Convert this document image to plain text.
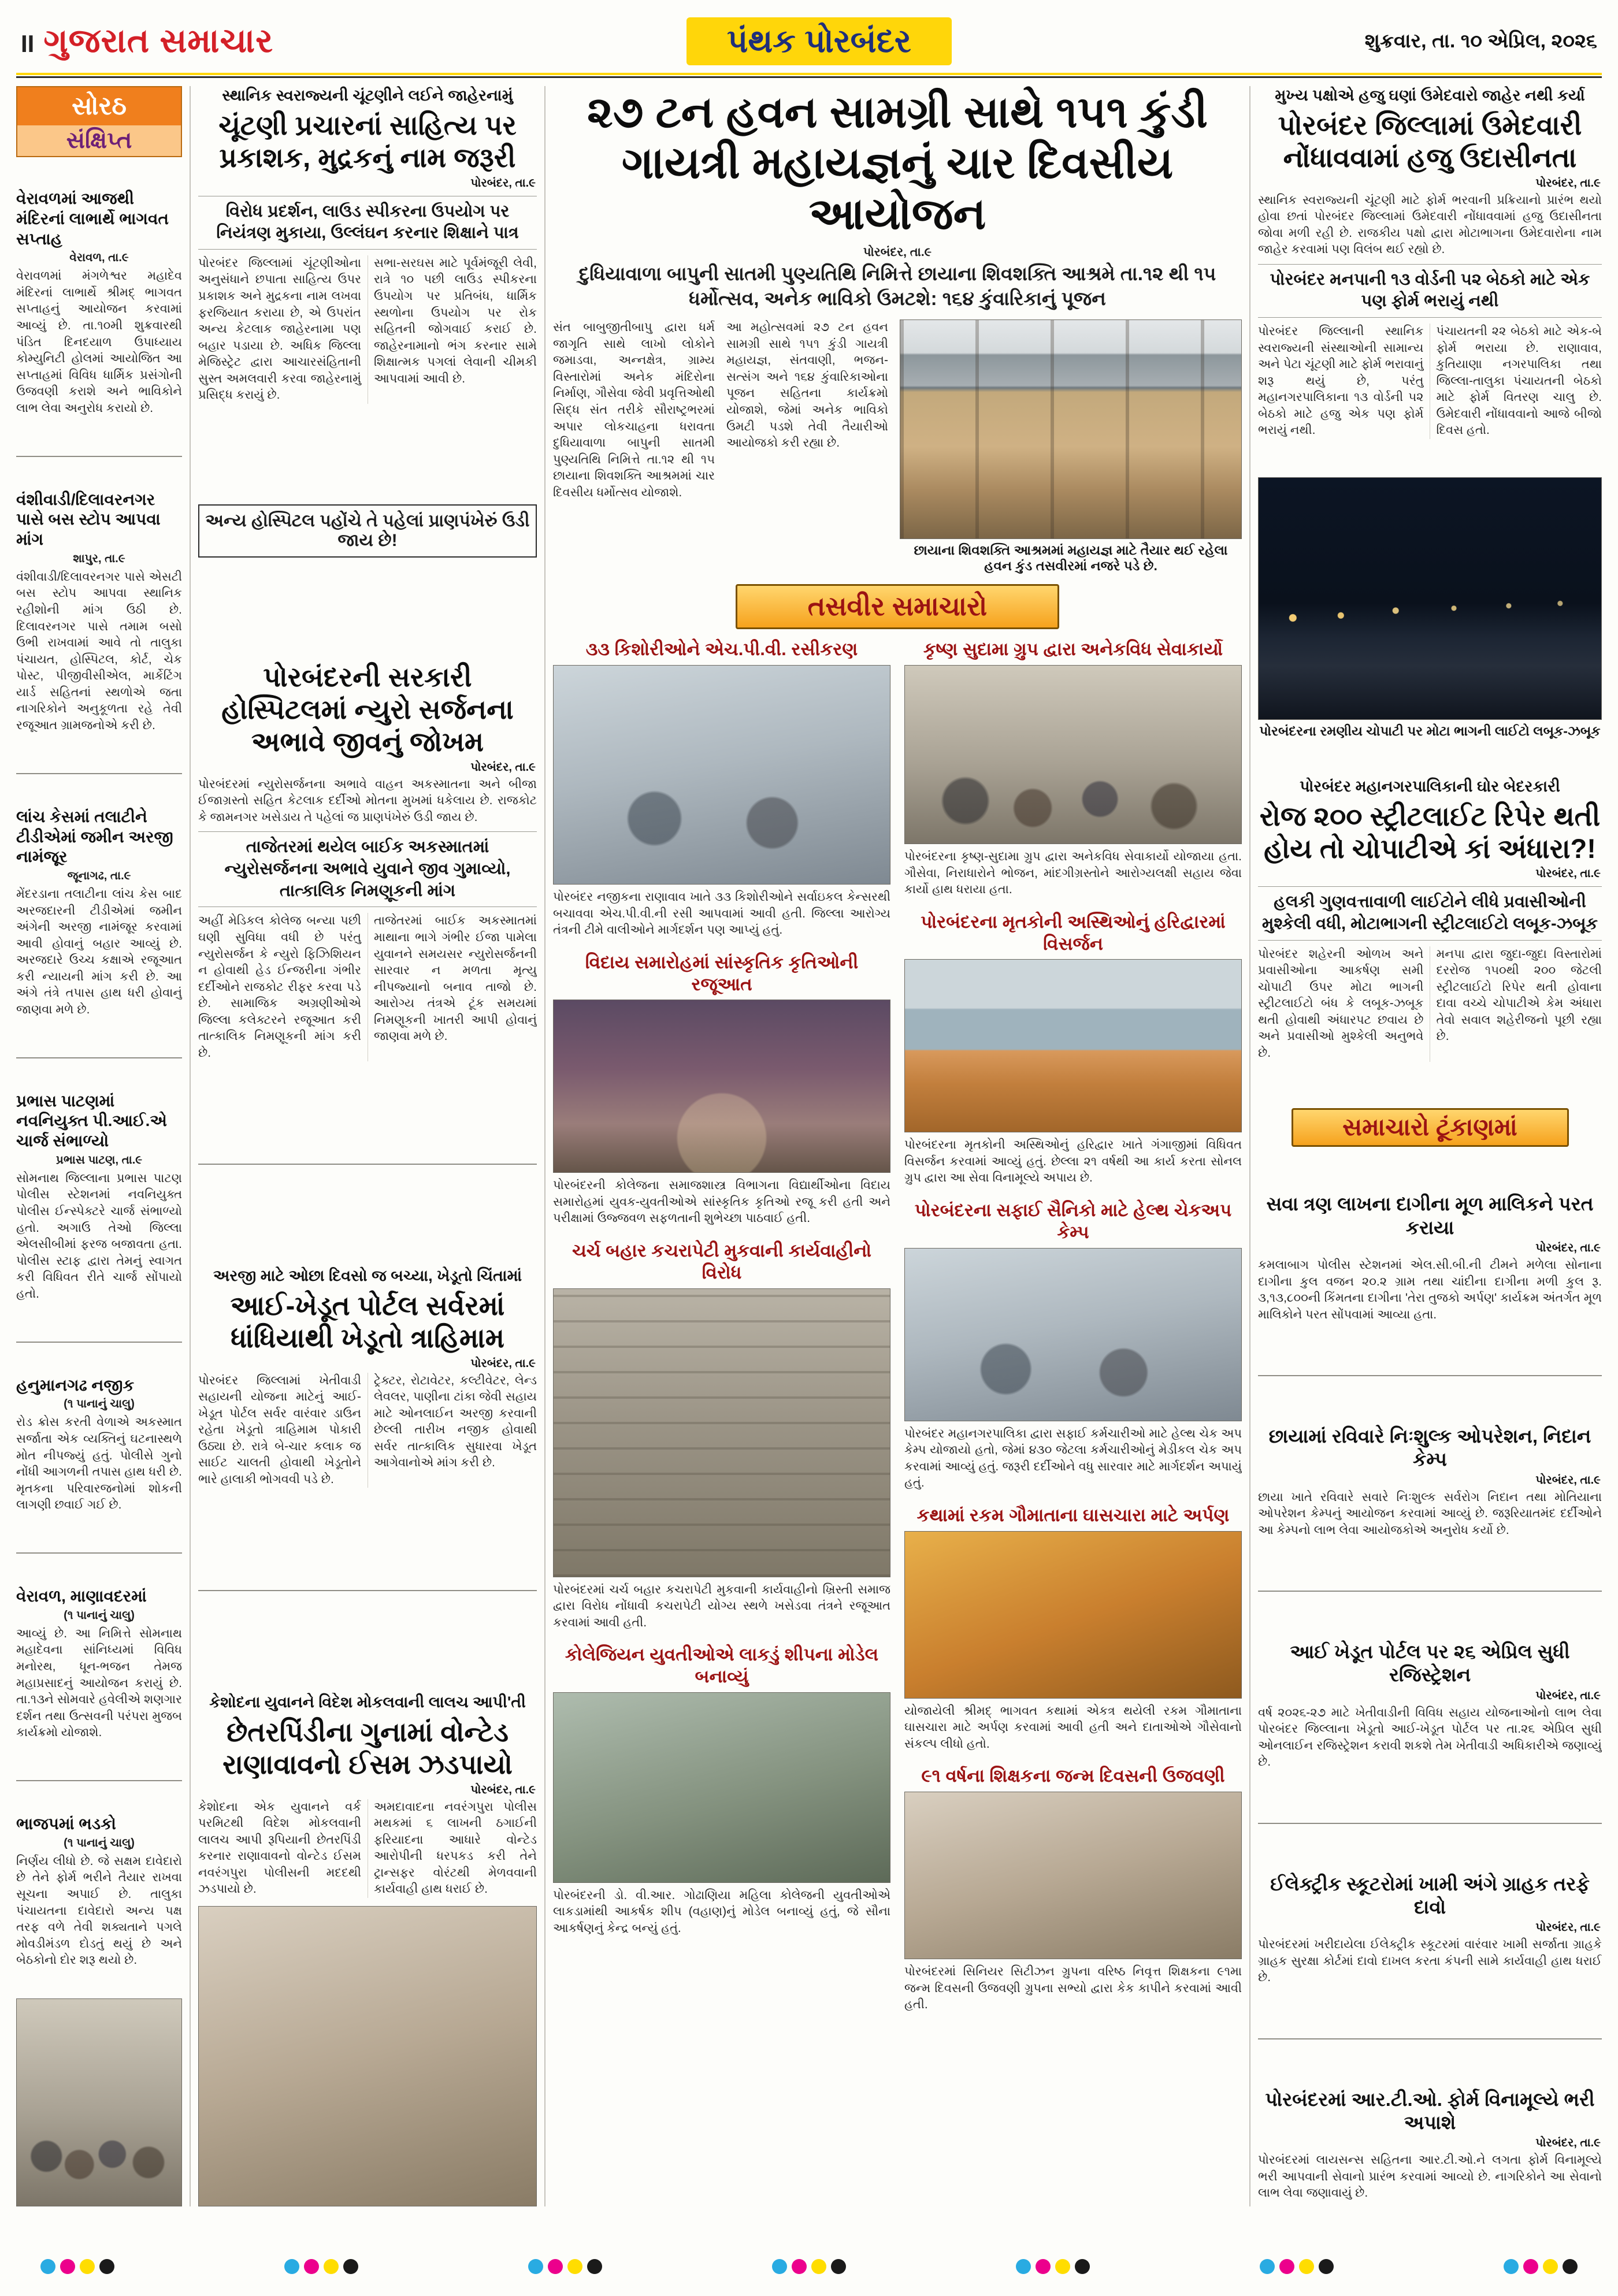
II ગુજરાત સમાચાર	પંથક પોરબંદર	શુક્રવાર, તા. ૧૦ એપ્રિલ, ૨૦૨૬
સોરઠ
સંક્ષિપ્ત
વેરાવળમાં આજથી મંદિરનાં લાભાર્થે ભાગવત સપ્તાહ
વેરાવળ, તા.૯

વેરાવળમાં મંગળેશ્વર મહાદેવ મંદિરનાં લાભાર્થે શ્રીમદ્ ભાગવત સપ્તાહનું આયોજન કરવામાં આવ્યું છે. તા.૧૦મી શુક્રવારથી પંડિત દિનદયાળ ઉપાધ્યાય કોમ્યુનિટી હોલમાં આયોજિત આ સપ્તાહમાં વિવિધ ધાર્મિક પ્રસંગોની ઉજવણી કરાશે અને ભાવિકોને લાભ લેવા અનુરોધ કરાયો છે.

વંશીવાડી/દિલાવરનગર પાસે બસ સ્ટોપ આપવા માંગ
શાપુર, તા.૯

વંશીવાડી/દિલાવરનગર પાસે એસટી બસ સ્ટોપ આપવા સ્થાનિક રહીશોની માંગ ઉઠી છે. દિલાવરનગર પાસે તમામ બસો ઉભી રાખવામાં આવે તો તાલુકા પંચાયત, હોસ્પિટલ, કોર્ટ, ચેક પોસ્ટ, પીજીવીસીએલ, માર્કેટિંગ યાર્ડ સહિતનાં સ્થળોએ જતા નાગરિકોને અનુકૂળતા રહે તેવી રજૂઆત ગ્રામજનોએ કરી છે.

લાંચ કેસમાં તલાટીને ટીડીએમાં જમીન અરજી નામંજૂર
જૂનાગઢ, તા.૯

મેંદરડાના તલાટીના લાંચ કેસ બાદ અરજદારની ટીડીએમાં જમીન અંગેની અરજી નામંજૂર કરવામાં આવી હોવાનું બહાર આવ્યું છે. અરજદારે ઉચ્ચ કક્ષાએ રજૂઆત કરી ન્યાયની માંગ કરી છે. આ અંગે તંત્રે તપાસ હાથ ધરી હોવાનું જાણવા મળે છે.

પ્રભાસ પાટણમાં નવનિયુક્ત પી.આઈ.એ ચાર્જ સંભાળ્યો
પ્રભાસ પાટણ, તા.૯

સોમનાથ જિલ્લાના પ્રભાસ પાટણ પોલીસ સ્ટેશનમાં નવનિયુક્ત પોલીસ ઈન્સ્પેક્ટરે ચાર્જ સંભાળ્યો હતો. અગાઉ તેઓ જિલ્લા એલસીબીમાં ફરજ બજાવતા હતા. પોલીસ સ્ટાફ દ્વારા તેમનું સ્વાગત કરી વિધિવત રીતે ચાર્જ સોંપાયો હતો.

હનુમાનગઢ નજીક
(૧ પાનાનું ચાલુ)

રોડ ક્રોસ કરતી વેળાએ અકસ્માત સર્જાતા એક વ્યક્તિનું ઘટનાસ્થળે મોત નીપજ્યું હતું. પોલીસે ગુનો નોંધી આગળની તપાસ હાથ ધરી છે. મૃતકના પરિવારજનોમાં શોકની લાગણી છવાઈ ગઈ છે.

વેરાવળ, માણાવદરમાં
(૧ પાનાનું ચાલુ)

આવ્યું છે. આ નિમિત્તે સોમનાથ મહાદેવના સાંનિધ્યમાં વિવિધ મનોરથ, ધૂન-ભજન તેમજ મહાપ્રસાદનું આયોજન કરાયું છે. તા.૧૩ને સોમવારે હવેલીએ શણગાર દર્શન તથા ઉત્સવની પરંપરા મુજબ કાર્યક્રમો યોજાશે.

ભાજપમાં ભડકો
(૧ પાનાનું ચાલુ)

નિર્ણય લીધો છે. જે સક્ષમ દાવેદારો છે તેને ફોર્મ ભરીને તૈયાર રાખવા સૂચના અપાઈ છે. તાલુકા પંચાયતના દાવેદારો અન્ય પક્ષ તરફ વળે તેવી શક્યતાને પગલે મોવડીમંડળ દોડતું થયું છે અને બેઠકોનો દોર શરૂ થયો છે.

સ્થાનિક સ્વરાજ્યની ચૂંટણીને લઈને જાહેરનામું
ચૂંટણી પ્રચારનાં સાહિત્ય પર પ્રકાશક, મુદ્રકનું નામ જરૂરી
પોરબંદર, તા.૯
વિરોધ પ્રદર્શન, લાઉડ સ્પીકરના ઉપયોગ પર નિયંત્રણ મુકાયા, ઉલ્લંઘન કરનાર શિક્ષાને પાત્ર

પોરબંદર જિલ્લામાં ચૂંટણીઓના અનુસંધાને છપાતા સાહિત્ય ઉપર પ્રકાશક અને મુદ્રકના નામ લખવા ફરજિયાત કરાયા છે, એ ઉપરાંત અન્ય કેટલાક જાહેરનામા પણ બહાર પડાયા છે. અધિક જિલ્લા મેજિસ્ટ્રેટ દ્વારા આચારસંહિતાની સુસ્ત અમલવારી કરવા જાહેરનામું પ્રસિદ્ધ કરાયું છે.

સભા-સરઘસ માટે પૂર્વમંજૂરી લેવી, રાત્રે ૧૦ પછી લાઉડ સ્પીકરના ઉપયોગ પર પ્રતિબંધ, ધાર્મિક સ્થળોના ઉપયોગ પર રોક સહિતની જોગવાઈ કરાઈ છે. જાહેરનામાનો ભંગ કરનાર સામે શિક્ષાત્મક પગલાં લેવાની ચીમકી આપવામાં આવી છે.

અન્ય હોસ્પિટલ પહોંચે તે પહેલાં પ્રાણપંખેરું ઉડી જાય છે!
પોરબંદરની સરકારી હોસ્પિટલમાં ન્યુરો સર્જનના અભાવે જીવનું જોખમ
પોરબંદર, તા.૯

પોરબંદરમાં ન્યુરોસર્જનના અભાવે વાહન અકસ્માતના અને બીજા ઈજાગ્રસ્તો સહિત કેટલાક દર્દીઓ મોતના મુખમાં ધકેલાય છે. રાજકોટ કે જામનગર ખસેડાય તે પહેલાં જ પ્રાણપંખેરું ઉડી જાય છે.

તાજેતરમાં થયેલ બાઈક અકસ્માતમાં ન્યુરોસર્જનના અભાવે યુવાને જીવ ગુમાવ્યો, તાત્કાલિક નિમણૂકની માંગ

અહીં મેડિકલ કોલેજ બન્યા પછી ઘણી સુવિધા વધી છે પરંતુ ન્યુરોસર્જન કે ન્યુરો ફિઝિશિયન ન હોવાથી હેડ ઈન્જરીના ગંભીર દર્દીઓને રાજકોટ રીફર કરવા પડે છે. સામાજિક અગ્રણીઓએ જિલ્લા કલેક્ટરને રજૂઆત કરી તાત્કાલિક નિમણૂકની માંગ કરી છે.

તાજેતરમાં બાઈક અકસ્માતમાં માથાના ભાગે ગંભીર ઈજા પામેલા યુવાનને સમયસર ન્યુરોસર્જનની સારવાર ન મળતા મૃત્યુ નીપજ્યાનો બનાવ તાજો છે. આરોગ્ય તંત્રએ ટૂંક સમયમાં નિમણૂકની ખાતરી આપી હોવાનું જાણવા મળે છે.

અરજી માટે ઓછા દિવસો જ બચ્યા, ખેડૂતો ચિંતામાં
આઈ-ખેડૂત પોર્ટલ સર્વરમાં ધાંધિયાથી ખેડૂતો ત્રાહિમામ
પોરબંદર, તા.૯

પોરબંદર જિલ્લામાં ખેતીવાડી સહાયની યોજના માટેનું આઈ-ખેડૂત પોર્ટલ સર્વર વારંવાર ડાઉન રહેતા ખેડૂતો ત્રાહિમામ પોકારી ઉઠ્યા છે. રાત્રે બે-ચાર કલાક જ સાઈટ ચાલતી હોવાથી ખેડૂતોને ભારે હાલાકી ભોગવવી પડે છે.

ટ્રેક્ટર, રોટાવેટર, કલ્ટીવેટર, લેન્ડ લેવલર, પાણીના ટાંકા જેવી સહાય માટે ઓનલાઈન અરજી કરવાની છેલ્લી તારીખ નજીક હોવાથી સર્વર તાત્કાલિક સુધારવા ખેડૂત આગેવાનોએ માંગ કરી છે.

કેશોદના યુવાનને વિદેશ મોકલવાની લાલચ આપી'તી
છેતરપિંડીના ગુનામાં વોન્ટેડ રાણાવાવનો ઈસમ ઝડપાયો
પોરબંદર, તા.૯

કેશોદના એક યુવાનને વર્ક પરમિટથી વિદેશ મોકલવાની લાલચ આપી રૂપિયાની છેતરપિંડી કરનાર રાણાવાવનો વોન્ટેડ ઈસમ નવરંગપુરા પોલીસની મદદથી ઝડપાયો છે.

અમદાવાદના નવરંગપુરા પોલીસ મથકમાં ૬ લાખની ઠગાઈની ફરિયાદના આધારે વોન્ટેડ આરોપીની ધરપકડ કરી તેને ટ્રાન્સફર વોરંટથી મેળવવાની કાર્યવાહી હાથ ધરાઈ છે.

૨૭ ટન હવન સામગ્રી સાથે ૧૫૧ કુંડી ગાયત્રી મહાયજ્ઞનું ચાર દિવસીય આયોજન
પોરબંદર, તા.૯
દુધિયાવાળા બાપુની સાતમી પુણ્યતિથિ નિમિત્તે છાયાના શિવશક્તિ આશ્રમે તા.૧૨ થી ૧૫ ધર્મોત્સવ, અનેક ભાવિકો ઉમટશે: ૧૬૪ કુંવારિકાનું પૂજન

સંત બાબુજીતીબાપુ દ્વારા ધર્મ જાગૃતિ સાથે લાખો લોકોને જમાડવા, અન્નક્ષેત્ર, ગ્રામ્ય વિસ્તારોમાં અનેક મંદિરોના નિર્માણ, ગૌસેવા જેવી પ્રવૃત્તિઓથી સિદ્ધ સંત તરીકે સૌરાષ્ટ્રભરમાં અપાર લોકચાહના ધરાવતા દુધિયાવાળા બાપુની સાતમી પુણ્યતિથિ નિમિત્તે તા.૧૨ થી ૧૫ છાયાના શિવશક્તિ આશ્રમમાં ચાર દિવસીય ધર્મોત્સવ યોજાશે.

આ મહોત્સવમાં ૨૭ ટન હવન સામગ્રી સાથે ૧૫૧ કુંડી ગાયત્રી મહાયજ્ઞ, સંતવાણી, ભજન-સત્સંગ અને ૧૬૪ કુંવારિકાઓના પૂજન સહિતના કાર્યક્રમો યોજાશે, જેમાં અનેક ભાવિકો ઉમટી પડશે તેવી તૈયારીઓ આયોજકો કરી રહ્યા છે.

છાયાના શિવશક્તિ આશ્રમમાં મહાયજ્ઞ માટે તૈયાર થઈ રહેલા હવન કુંડ તસવીરમાં નજરે પડે છે.
તસવીર સમાચારો
૩૩ કિશોરીઓને એચ.પી.વી. રસીકરણ

પોરબંદર નજીકના રાણાવાવ ખાતે ૩૩ કિશોરીઓને સર્વાઇકલ કેન્સરથી બચાવવા એચ.પી.વી.ની રસી આપવામાં આવી હતી. જિલ્લા આરોગ્ય તંત્રની ટીમે વાલીઓને માર્ગદર્શન પણ આપ્યું હતું.

વિદાય સમારોહમાં સાંસ્કૃતિક કૃતિઓની રજૂઆત

પોરબંદરની કોલેજના સમાજશાસ્ત્ર વિભાગના વિદ્યાર્થીઓના વિદાય સમારોહમાં યુવક-યુવતીઓએ સાંસ્કૃતિક કૃતિઓ રજૂ કરી હતી અને પરીક્ષામાં ઉજ્જવળ સફળતાની શુભેચ્છા પાઠવાઈ હતી.

ચર્ચ બહાર કચરાપેટી મુકવાની કાર્યવાહીનો વિરોધ

પોરબંદરમાં ચર્ચ બહાર કચરાપેટી મુકવાની કાર્યવાહીનો ખ્રિસ્તી સમાજ દ્વારા વિરોધ નોંધાવી કચરાપેટી યોગ્ય સ્થળે ખસેડવા તંત્રને રજૂઆત કરવામાં આવી હતી.

કોલેજિયન યુવતીઓએ લાકડું શીપના મોડેલ બનાવ્યું

પોરબંદરની ડો. વી.આર. ગોઢાણિયા મહિલા કોલેજની યુવતીઓએ લાકડામાંથી આકર્ષક શીપ (વહાણ)નું મોડેલ બનાવ્યું હતું, જે સૌના આકર્ષણનું કેન્દ્ર બન્યું હતું.

કૃષ્ણ સુદામા ગ્રુપ દ્વારા અનેકવિધ સેવાકાર્યો

પોરબંદરના કૃષ્ણ-સુદામા ગ્રુપ દ્વારા અનેકવિધ સેવાકાર્યો યોજાયા હતા. ગૌસેવા, નિરાધારોને ભોજન, માંદગીગ્રસ્તોને આરોગ્યલક્ષી સહાય જેવા કાર્યો હાથ ધરાયા હતા.

પોરબંદરના મૃતકોની અસ્થિઓનું હરિદ્વારમાં વિસર્જન

પોરબંદરના મૃતકોની અસ્થિઓનું હરિદ્વાર ખાતે ગંગાજીમાં વિધિવત વિસર્જન કરવામાં આવ્યું હતું. છેલ્લા ૨૧ વર્ષથી આ કાર્ય કરતા સોનલ ગ્રુપ દ્વારા આ સેવા વિનામૂલ્યે અપાય છે.

પોરબંદરના સફાઈ સૈનિકો માટે હેલ્થ ચેકઅપ કેમ્પ

પોરબંદર મહાનગરપાલિકા દ્વારા સફાઈ કર્મચારીઓ માટે હેલ્થ ચેક અપ કેમ્પ યોજાયો હતો, જેમાં ૪૩૦ જેટલા કર્મચારીઓનું મેડીકલ ચેક અપ કરવામાં આવ્યું હતું. જરૂરી દર્દીઓને વધુ સારવાર માટે માર્ગદર્શન અપાયું હતું.

કથામાં રકમ ગૌમાતાના ઘાસચારા માટે અર્પણ

યોજાયેલી શ્રીમદ્ ભાગવત કથામાં એકત્ર થયેલી રકમ ગૌમાતાના ઘાસચારા માટે અર્પણ કરવામાં આવી હતી અને દાતાઓએ ગૌસેવાનો સંકલ્પ લીધો હતો.

૯૧ વર્ષના શિક્ષકના જન્મ દિવસની ઉજવણી

પોરબંદરમાં સિનિયર સિટીઝન ગ્રુપના વરિષ્ઠ નિવૃત્ત શિક્ષકના ૯૧મા જન્મ દિવસની ઉજવણી ગ્રુપના સભ્યો દ્વારા કેક કાપીને કરવામાં આવી હતી.

મુખ્ય પક્ષોએ હજુ ઘણાં ઉમેદવારો જાહેર નથી કર્યા
પોરબંદર જિલ્લામાં ઉમેદવારી નોંધાવવામાં હજુ ઉદાસીનતા
પોરબંદર, તા.૯

સ્થાનિક સ્વરાજ્યની ચૂંટણી માટે ફોર્મ ભરવાની પ્રક્રિયાનો પ્રારંભ થયો હોવા છતાં પોરબંદર જિલ્લામાં ઉમેદવારી નોંધાવવામાં હજુ ઉદાસીનતા જોવા મળી રહી છે. રાજકીય પક્ષો દ્વારા મોટાભાગના ઉમેદવારોના નામ જાહેર કરવામાં પણ વિલંબ થઈ રહ્યો છે.

પોરબંદર મનપાની ૧૩ વોર્ડની ૫૨ બેઠકો માટે એક પણ ફોર્મ ભરાયું નથી

પોરબંદર જિલ્લાની સ્થાનિક સ્વરાજ્યની સંસ્થાઓની સામાન્ય અને પેટા ચૂંટણી માટે ફોર્મ ભરાવાનું શરૂ થયું છે, પરંતુ મહાનગરપાલિકાના ૧૩ વોર્ડની ૫૨ બેઠકો માટે હજુ એક પણ ફોર્મ ભરાયું નથી.

પંચાયતની ૨૨ બેઠકો માટે એક-બે ફોર્મ ભરાયા છે. રાણાવાવ, કુતિયાણા નગરપાલિકા તથા જિલ્લા-તાલુકા પંચાયતની બેઠકો માટે ફોર્મ વિતરણ ચાલુ છે. ઉમેદવારી નોંધાવવાનો આજે બીજો દિવસ હતો.

પોરબંદરના રમણીય ચોપાટી પર મોટા ભાગની લાઈટો લબૂક-ઝબૂક
પોરબંદર મહાનગરપાલિકાની ઘોર બેદરકારી
રોજ ૨૦૦ સ્ટ્રીટલાઈટ રિપેર થતી હોય તો ચોપાટીએ કાં અંધારા?!
પોરબંદર, તા.૯
હલકી ગુણવત્તાવાળી લાઈટોને લીધે પ્રવાસીઓની મુશ્કેલી વધી, મોટાભાગની સ્ટ્રીટલાઈટો લબૂક-ઝબૂક

પોરબંદર શહેરની ઓળખ અને પ્રવાસીઓના આકર્ષણ સમી ચોપાટી ઉપર મોટા ભાગની સ્ટ્રીટલાઈટો બંધ કે લબૂક-ઝબૂક થતી હોવાથી અંધારપટ છવાય છે અને પ્રવાસીઓ મુશ્કેલી અનુભવે છે.

મનપા દ્વારા જુદા-જુદા વિસ્તારોમાં દરરોજ ૧૫૦થી ૨૦૦ જેટલી સ્ટ્રીટલાઈટો રિપેર થતી હોવાના દાવા વચ્ચે ચોપાટીએ કેમ અંધારા તેવો સવાલ શહેરીજનો પૂછી રહ્યા છે.

સમાચારો ટૂંકાણમાં
સવા ત્રણ લાખના દાગીના મૂળ માલિકને પરત કરાયા
પોરબંદર, તા.૯

કમલાબાગ પોલીસ સ્ટેશનમાં એલ.સી.બી.ની ટીમને મળેલા સોનાના દાગીના કુલ વજન ૨૦.૨ ગ્રામ તથા ચાંદીના દાગીના મળી કુલ રૂ. ૩,૧૩,૮૦૦ની કિંમતના દાગીના 'તેરા તુજકો અર્પણ' કાર્યક્રમ અંતર્ગત મૂળ માલિકોને પરત સોંપવામાં આવ્યા હતા.

છાયામાં રવિવારે નિઃશુલ્ક ઓપરેશન, નિદાન કેમ્પ
પોરબંદર, તા.૯

છાયા ખાતે રવિવારે સવારે નિઃશુલ્ક સર્વરોગ નિદાન તથા મોતિયાના ઓપરેશન કેમ્પનું આયોજન કરવામાં આવ્યું છે. જરૂરિયાતમંદ દર્દીઓને આ કેમ્પનો લાભ લેવા આયોજકોએ અનુરોધ કર્યો છે.

આઈ ખેડૂત પોર્ટલ પર ૨૬ એપ્રિલ સુધી રજિસ્ટ્રેશન
પોરબંદર, તા.૯

વર્ષ ૨૦૨૬-૨૭ માટે ખેતીવાડીની વિવિધ સહાય યોજનાઓનો લાભ લેવા પોરબંદર જિલ્લાના ખેડૂતો આઈ-ખેડૂત પોર્ટલ પર તા.૨૬ એપ્રિલ સુધી ઓનલાઈન રજિસ્ટ્રેશન કરાવી શકશે તેમ ખેતીવાડી અધિકારીએ જણાવ્યું છે.

ઈલેક્ટ્રીક સ્કૂટરોમાં ખામી અંગે ગ્રાહક તરફે દાવો
પોરબંદર, તા.૯

પોરબંદરમાં ખરીદાયેલા ઈલેક્ટ્રીક સ્કૂટરમાં વારંવાર ખામી સર્જાતા ગ્રાહકે ગ્રાહક સુરક્ષા કોર્ટમાં દાવો દાખલ કરતા કંપની સામે કાર્યવાહી હાથ ધરાઈ છે.

પોરબંદરમાં આર.ટી.ઓ. ફોર્મ વિનામૂલ્યે ભરી અપાશે
પોરબંદર, તા.૯

પોરબંદરમાં લાયસન્સ સહિતના આર.ટી.ઓ.ને લગતા ફોર્મ વિનામૂલ્યે ભરી આપવાની સેવાનો પ્રારંભ કરવામાં આવ્યો છે. નાગરિકોને આ સેવાનો લાભ લેવા જણાવાયું છે.
